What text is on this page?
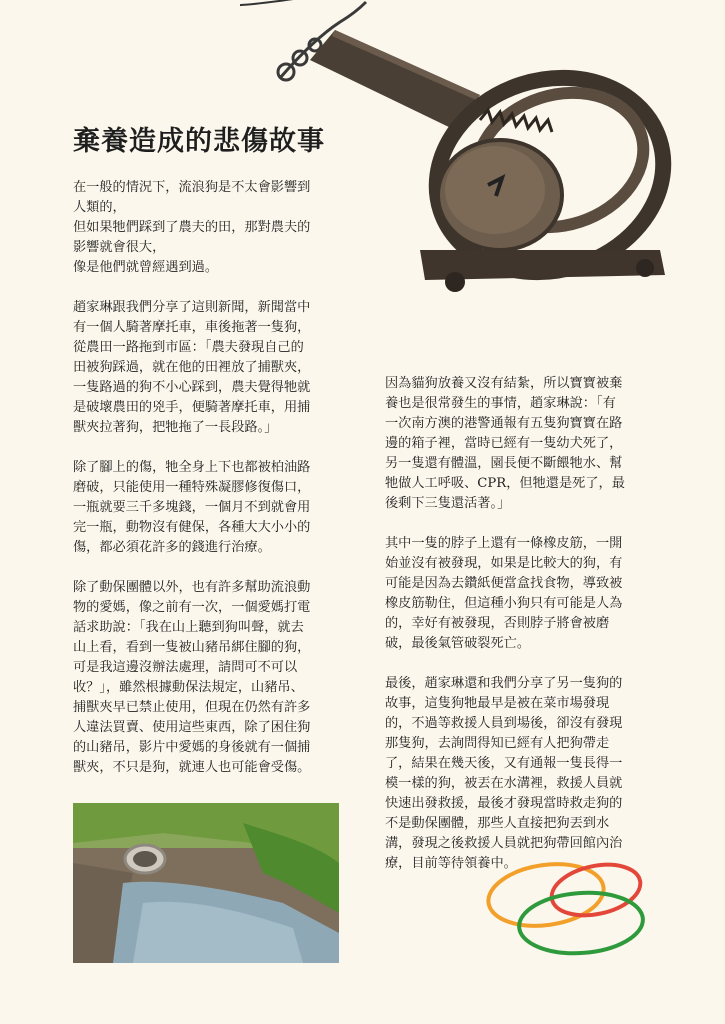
棄養造成的悲傷故事

在一般的情況下，流浪狗是不太會影響到
人類的，
但如果牠們踩到了農夫的田，那對農夫的
影響就會很大，
像是他們就曾經遇到過。

趙家琳跟我們分享了這則新聞，新聞當中
有一個人騎著摩托車，車後拖著一隻狗，
從農田一路拖到市區：「農夫發現自己的
田被狗踩過，就在他的田裡放了捕獸夾，
一隻路過的狗不小心踩到，農夫覺得牠就
是破壞農田的兇手，便騎著摩托車，用捕
獸夾拉著狗，把牠拖了一長段路。」

除了腳上的傷，牠全身上下也都被柏油路
磨破，只能使用一種特殊凝膠修復傷口，
一瓶就要三千多塊錢，一個月不到就會用
完一瓶，動物沒有健保，各種大大小小的
傷，都必須花許多的錢進行治療。

除了動保團體以外，也有許多幫助流浪動
物的愛媽，像之前有一次，一個愛媽打電
話求助說：「我在山上聽到狗叫聲，就去
山上看，看到一隻被山豬吊綁住腳的狗，
可是我這邊沒辦法處理，請問可不可以
收？」，雖然根據動保法規定，山豬吊、
捕獸夾早已禁止使用，但現在仍然有許多
人違法買賣、使用這些東西，除了困住狗
的山豬吊，影片中愛媽的身後就有一個捕
獸夾，不只是狗，就連人也可能會受傷。

因為貓狗放養又沒有結紮，所以寶寶被棄
養也是很常發生的事情，趙家琳說：「有
一次南方澳的港警通報有五隻狗寶寶在路
邊的箱子裡，當時已經有一隻幼犬死了，
另一隻還有體溫，園長便不斷餵牠水、幫
牠做人工呼吸、CPR，但牠還是死了，最
後剩下三隻還活著。」

其中一隻的脖子上還有一條橡皮筋，一開
始並沒有被發現，如果是比較大的狗，有
可能是因為去鑽紙便當盒找食物，導致被
橡皮筋勒住，但這種小狗只有可能是人為
的，幸好有被發現，否則脖子將會被磨
破，最後氣管破裂死亡。

最後，趙家琳還和我們分享了另一隻狗的
故事，這隻狗牠最早是被在菜市場發現
的，不過等救援人員到場後，卻沒有發現
那隻狗，去詢問得知已經有人把狗帶走
了，結果在幾天後，又有通報一隻長得一
模一樣的狗，被丟在水溝裡，救援人員就
快速出發救援，最後才發現當時救走狗的
不是動保團體，那些人直接把狗丟到水
溝，發現之後救援人員就把狗帶回館內治
療，目前等待領養中。
